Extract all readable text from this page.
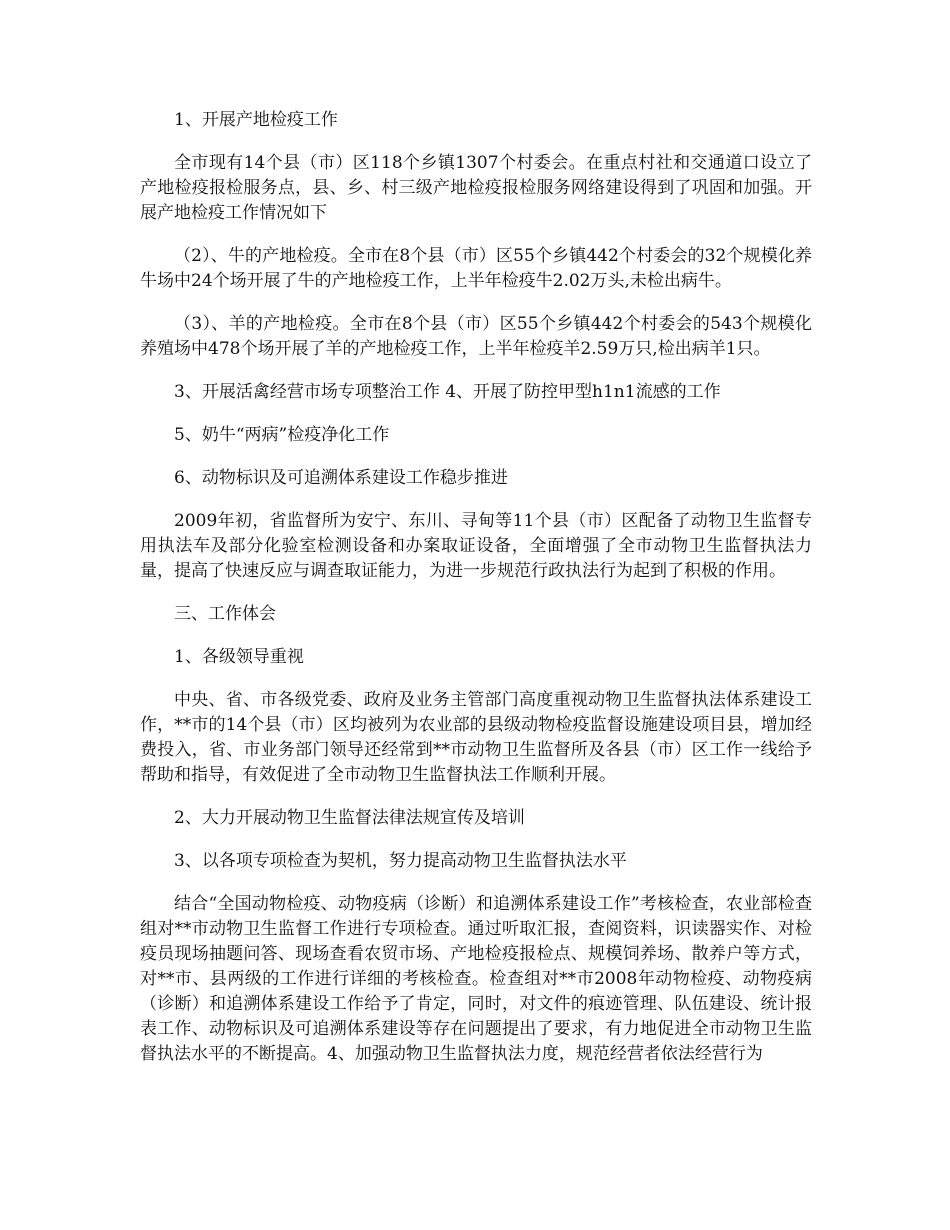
1、开展产地检疫工作

全市现有14个县（市）区118个乡镇1307个村委会。在重点村社和交通道口设立了产地检疫报检服务点，县、乡、村三级产地检疫报检服务网络建设得到了巩固和加强。开展产地检疫工作情况如下

（2）、牛的产地检疫。全市在8个县（市）区55个乡镇442个村委会的32个规模化养牛场中24个场开展了牛的产地检疫工作，上半年检疫牛2.02万头,未检出病牛。

（3）、羊的产地检疫。全市在8个县（市）区55个乡镇442个村委会的543个规模化养殖场中478个场开展了羊的产地检疫工作，上半年检疫羊2.59万只,检出病羊1只。

3、开展活禽经营市场专项整治工作 4、开展了防控甲型h1n1流感的工作

5、奶牛“两病”检疫净化工作

6、动物标识及可追溯体系建设工作稳步推进

2009年初，省监督所为安宁、东川、寻甸等11个县（市）区配备了动物卫生监督专用执法车及部分化验室检测设备和办案取证设备，全面增强了全市动物卫生监督执法力量，提高了快速反应与调查取证能力，为进一步规范行政执法行为起到了积极的作用。

三、工作体会

1、各级领导重视

中央、省、市各级党委、政府及业务主管部门高度重视动物卫生监督执法体系建设工作，**市的14个县（市）区均被列为农业部的县级动物检疫监督设施建设项目县，增加经费投入，省、市业务部门领导还经常到**市动物卫生监督所及各县（市）区工作一线给予帮助和指导，有效促进了全市动物卫生监督执法工作顺利开展。

2、大力开展动物卫生监督法律法规宣传及培训

3、以各项专项检查为契机，努力提高动物卫生监督执法水平

结合“全国动物检疫、动物疫病（诊断）和追溯体系建设工作”考核检查，农业部检查组对**市动物卫生监督工作进行专项检查。通过听取汇报，查阅资料，识读器实作、对检疫员现场抽题问答、现场查看农贸市场、产地检疫报检点、规模饲养场、散养户等方式，对**市、县两级的工作进行详细的考核检查。检查组对**市2008年动物检疫、动物疫病（诊断）和追溯体系建设工作给予了肯定，同时，对文件的痕迹管理、队伍建设、统计报表工作、动物标识及可追溯体系建设等存在问题提出了要求，有力地促进全市动物卫生监督执法水平的不断提高。4、加强动物卫生监督执法力度，规范经营者依法经营行为
